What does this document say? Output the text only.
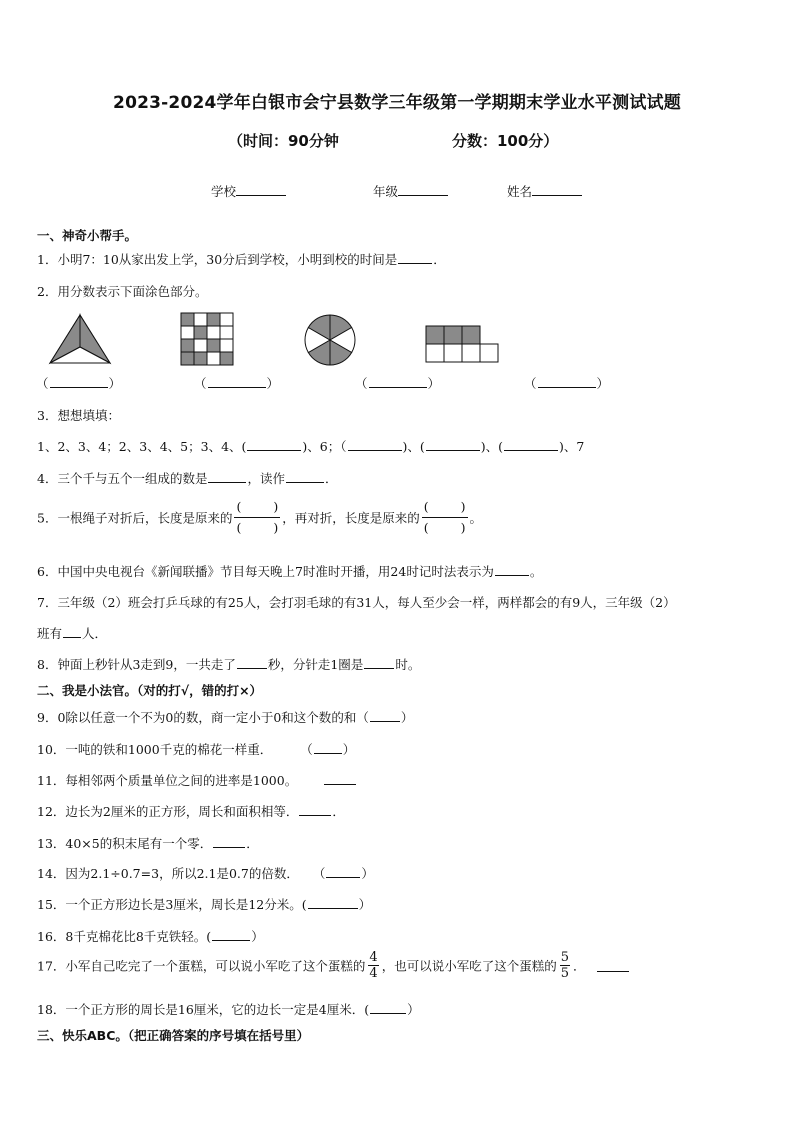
2023-2024学年白银市会宁县数学三年级第一学期期末学业水平测试试题
（时间：90分钟	分数：100分）
学校	年级	姓名
一、神奇小帮手。
1．小明7：10从家出发上学，30分后到学校，小明到校的时间是	．
2．用分数表示下面涂色部分。
（	）	（	）	（	）	（	）
3．想想填填：
1、2、3、4；2、3、4、5；3、4、(	)、6；（	)、(	)、(	)、7
4．三个千与五个一组成的数是	，读作	．
5．一根绳子对折后，长度是原来的 (	)
(	) ，再对折，长度是原来的 (	)
(	) 。
6．中国中央电视台《新闻联播》节目每天晚上7时准时开播，用24时记时法表示为	。
7．三年级（2）班会打乒乓球的有25人，会打羽毛球的有31人，每人至少会一样，两样都会的有9人，三年级（2）
班有 人．
8．钟面上秒针从3走到9，一共走了	秒，分针走1圈是	时。
二、我是小法官。（对的打√，错的打×）
9．0除以任意一个不为0的数，商一定小于0和这个数的和（	）
10．一吨的铁和1000千克的棉花一样重． （ ）
11．每相邻两个质量单位之间的进率是1000。
12．边长为2厘米的正方形，周长和面积相等．	．
13．40×5的积末尾有一个零．	．
14．因为2.1÷0.7=3，所以2.1是0.7的倍数． （	）
15．一个正方形边长是3厘米，周长是12分米。(	）
16．8千克棉花比8千克铁轻。(	）
17．小军自己吃完了一个蛋糕，可以说小军吃了这个蛋糕的 $\frac{4}{4}$ ，也可以说小军吃了这个蛋糕的 $\frac{5}{5}$ ．
18．一个正方形的周长是16厘米，它的边长一定是4厘米．(	）
三、快乐ABC。（把正确答案的序号填在括号里）
